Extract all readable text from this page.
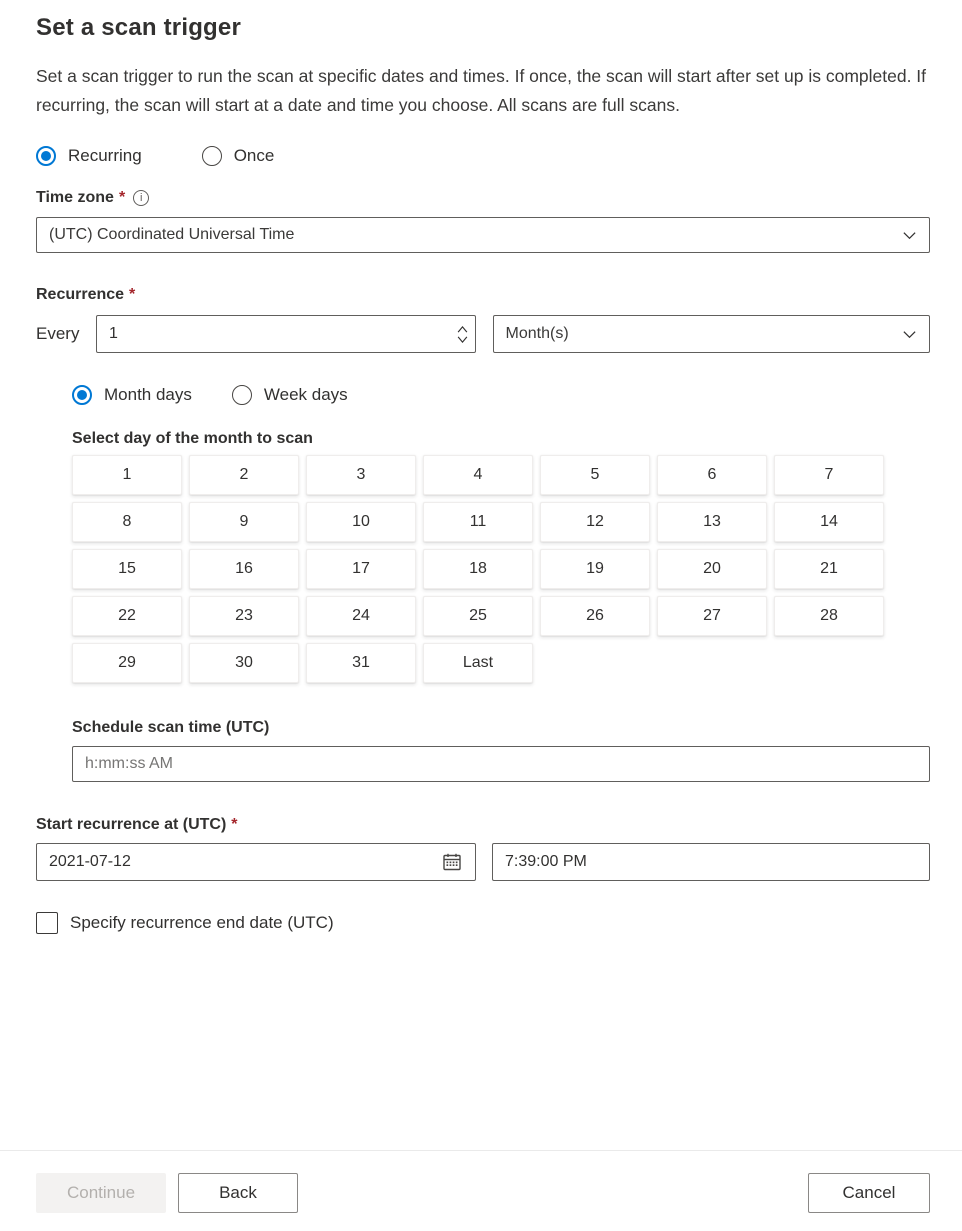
Set a scan trigger

Set a scan trigger to run the scan at specific dates and times. If once, the scan will start after set up is completed. If recurring, the scan will start at a date and time you choose. All scans are full scans.

Recurring	Once
Time zone *	i
(UTC) Coordinated Universal Time
Recurrence *
Every
1	Month(s)
Month days	Week days
Select day of the month to scan
1	2	3	4	5	6	7
8	9	10	11	12	13	14
15	16	17	18	19	20	21
22	23	24	25	26	27	28
29	30	31	Last
Schedule scan time (UTC)
h:mm:ss AM
Start recurrence at (UTC) *
2021-07-12
7:39:00 PM
Specify recurrence end date (UTC)
Continue	Back	Cancel
